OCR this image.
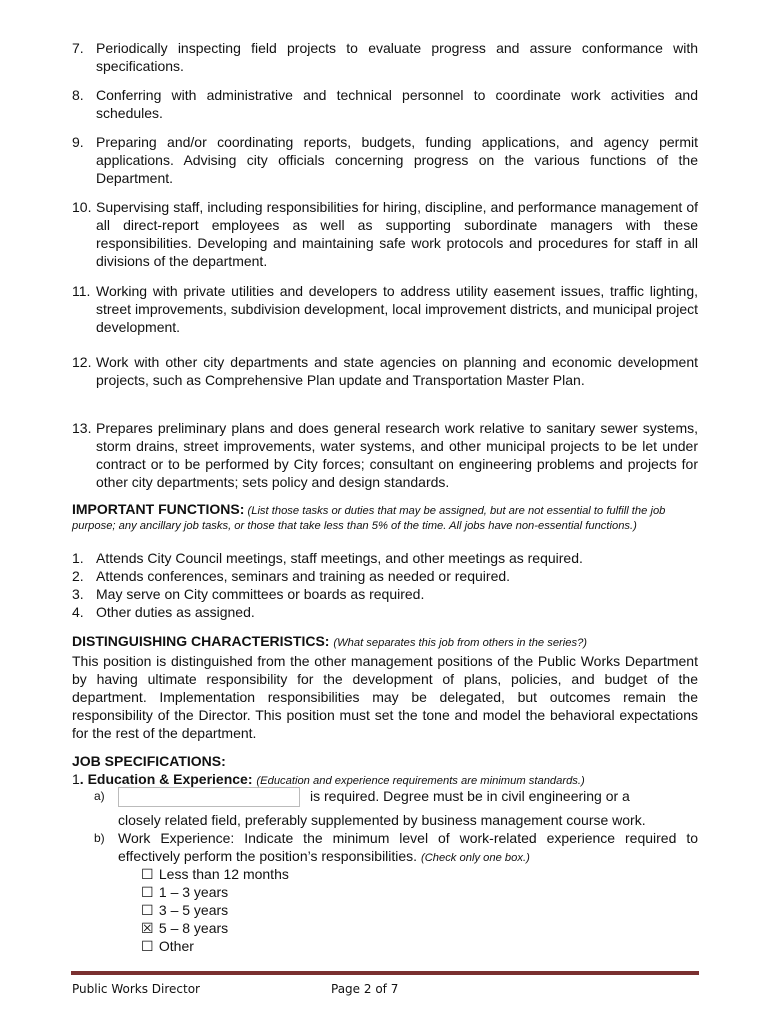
7. Periodically inspecting field projects to evaluate progress and assure conformance with specifications.
8. Conferring with administrative and technical personnel to coordinate work activities and schedules.
9. Preparing and/or coordinating reports, budgets, funding applications, and agency permit applications. Advising city officials concerning progress on the various functions of the Department.
10. Supervising staff, including responsibilities for hiring, discipline, and performance management of all direct-report employees as well as supporting subordinate managers with these responsibilities. Developing and maintaining safe work protocols and procedures for staff in all divisions of the department.
11. Working with private utilities and developers to address utility easement issues, traffic lighting, street improvements, subdivision development, local improvement districts, and municipal project development.
12. Work with other city departments and state agencies on planning and economic development projects, such as Comprehensive Plan update and Transportation Master Plan.
13. Prepares preliminary plans and does general research work relative to sanitary sewer systems, storm drains, street improvements, water systems, and other municipal projects to be let under contract or to be performed by City forces; consultant on engineering problems and projects for other city departments; sets policy and design standards.
IMPORTANT FUNCTIONS: (List those tasks or duties that may be assigned, but are not essential to fulfill the job purpose; any ancillary job tasks, or those that take less than 5% of the time. All jobs have non-essential functions.)
1. Attends City Council meetings, staff meetings, and other meetings as required.
2. Attends conferences, seminars and training as needed or required.
3. May serve on City committees or boards as required.
4. Other duties as assigned.
DISTINGUISHING CHARACTERISTICS: (What separates this job from others in the series?)
This position is distinguished from the other management positions of the Public Works Department by having ultimate responsibility for the development of plans, policies, and budget of the department. Implementation responsibilities may be delegated, but outcomes remain the responsibility of the Director. This position must set the tone and model the behavioral expectations for the rest of the department.
JOB SPECIFICATIONS:
1. Education & Experience: (Education and experience requirements are minimum standards.)
a)	is required. Degree must be in civil engineering or a
closely related field, preferably supplemented by business management course work.
b) Work Experience: Indicate the minimum level of work-related experience required to effectively perform the position’s responsibilities. (Check only one box.)
☐ Less than 12 months
☐ 1 – 3 years
☐ 3 – 5 years
☒ 5 – 8 years
☐ Other
Public Works Director	Page 2 of 7
